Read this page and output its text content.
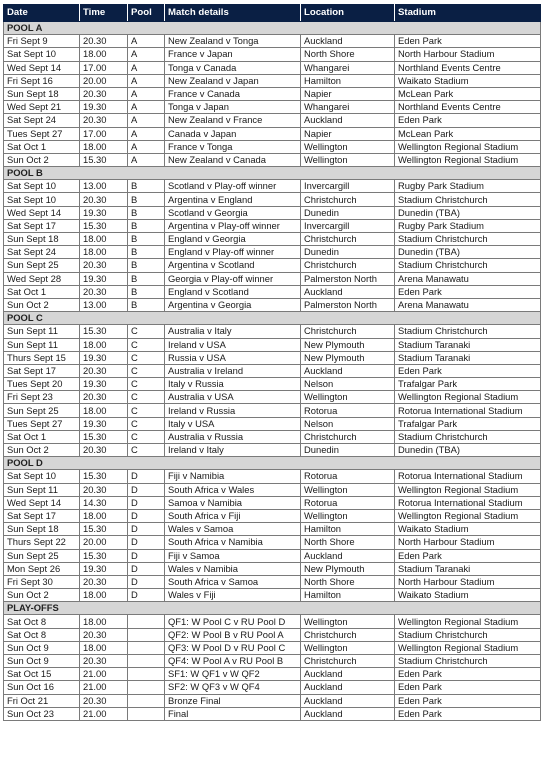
Date	Time	Pool	Match details	Location	Stadium
POOL A					
Fri Sept 9	20.30	A	New Zealand v Tonga	Auckland	Eden Park
Sat Sept 10	18.00	A	France v Japan	North Shore	North Harbour Stadium
Wed Sept 14	17.00	A	Tonga v Canada	Whangarei	Northland Events Centre
Fri Sept 16	20.00	A	New Zealand v Japan	Hamilton	Waikato Stadium
Sun Sept 18	20.30	A	France v Canada	Napier	McLean Park
Wed Sept 21	19.30	A	Tonga v Japan	Whangarei	Northland Events Centre
Sat Sept 24	20.30	A	New Zealand v France	Auckland	Eden Park
Tues Sept 27	17.00	A	Canada v Japan	Napier	McLean Park
Sat Oct 1	18.00	A	France v Tonga	Wellington	Wellington Regional Stadium
Sun Oct 2	15.30	A	New Zealand v Canada	Wellington	Wellington Regional Stadium
POOL B					
Sat Sept 10	13.00	B	Scotland v Play-off winner	Invercargill	Rugby Park Stadium
Sat Sept 10	20.30	B	Argentina v England	Christchurch	Stadium Christchurch
Wed Sept 14	19.30	B	Scotland v Georgia	Dunedin	Dunedin (TBA)
Sat Sept 17	15.30	B	Argentina v Play-off winner	Invercargill	Rugby Park Stadium
Sun Sept 18	18.00	B	England v Georgia	Christchurch	Stadium Christchurch
Sat Sept 24	18.00	B	England v Play-off winner	Dunedin	Dunedin (TBA)
Sun Sept 25	20.30	B	Argentina v Scotland	Christchurch	Stadium Christchurch
Wed Sept 28	19.30	B	Georgia v Play-off winner	Palmerston North	Arena Manawatu
Sat Oct 1	20.30	B	England v Scotland	Auckland	Eden Park
Sun Oct 2	13.00	B	Argentina v Georgia	Palmerston North	Arena Manawatu
POOL C					
Sun Sept 11	15.30	C	Australia v Italy	Christchurch	Stadium Christchurch
Sun Sept 11	18.00	C	Ireland v USA	New Plymouth	Stadium Taranaki
Thurs Sept 15	19.30	C	Russia v USA	New Plymouth	Stadium Taranaki
Sat Sept 17	20.30	C	Australia v Ireland	Auckland	Eden Park
Tues Sept 20	19.30	C	Italy v Russia	Nelson	Trafalgar Park
Fri Sept 23	20.30	C	Australia v USA	Wellington	Wellington Regional Stadium
Sun Sept 25	18.00	C	Ireland v Russia	Rotorua	Rotorua International Stadium
Tues Sept 27	19.30	C	Italy v USA	Nelson	Trafalgar Park
Sat Oct 1	15.30	C	Australia v Russia	Christchurch	Stadium Christchurch
Sun Oct 2	20.30	C	Ireland v Italy	Dunedin	Dunedin (TBA)
POOL D					
Sat Sept 10	15.30	D	Fiji v Namibia	Rotorua	Rotorua International Stadium
Sun Sept 11	20.30	D	South Africa v Wales	Wellington	Wellington Regional Stadium
Wed Sept 14	14.30	D	Samoa v Namibia	Rotorua	Rotorua International Stadium
Sat Sept 17	18.00	D	South Africa v Fiji	Wellington	Wellington Regional Stadium
Sun Sept 18	15.30	D	Wales v Samoa	Hamilton	Waikato Stadium
Thurs Sept 22	20.00	D	South Africa v Namibia	North Shore	North Harbour Stadium
Sun Sept 25	15.30	D	Fiji v Samoa	Auckland	Eden Park
Mon Sept 26	19.30	D	Wales v Namibia	New Plymouth	Stadium Taranaki
Fri Sept 30	20.30	D	South Africa v Samoa	North Shore	North Harbour Stadium
Sun Oct 2	18.00	D	Wales v Fiji	Hamilton	Waikato Stadium
PLAY-OFFS					
Sat Oct 8	18.00		QF1: W Pool C v RU Pool D	Wellington	Wellington Regional Stadium
Sat Oct 8	20.30		QF2: W Pool B v RU Pool A	Christchurch	Stadium Christchurch
Sun Oct 9	18.00		QF3: W Pool D v RU Pool C	Wellington	Wellington Regional Stadium
Sun Oct 9	20.30		QF4: W Pool A v RU Pool B	Christchurch	Stadium Christchurch
Sat Oct 15	21.00		SF1: W QF1 v W QF2	Auckland	Eden Park
Sun Oct 16	21.00		SF2: W QF3 v W QF4	Auckland	Eden Park
Fri Oct 21	20.30		Bronze Final	Auckland	Eden Park
Sun Oct 23	21.00		Final	Auckland	Eden Park
